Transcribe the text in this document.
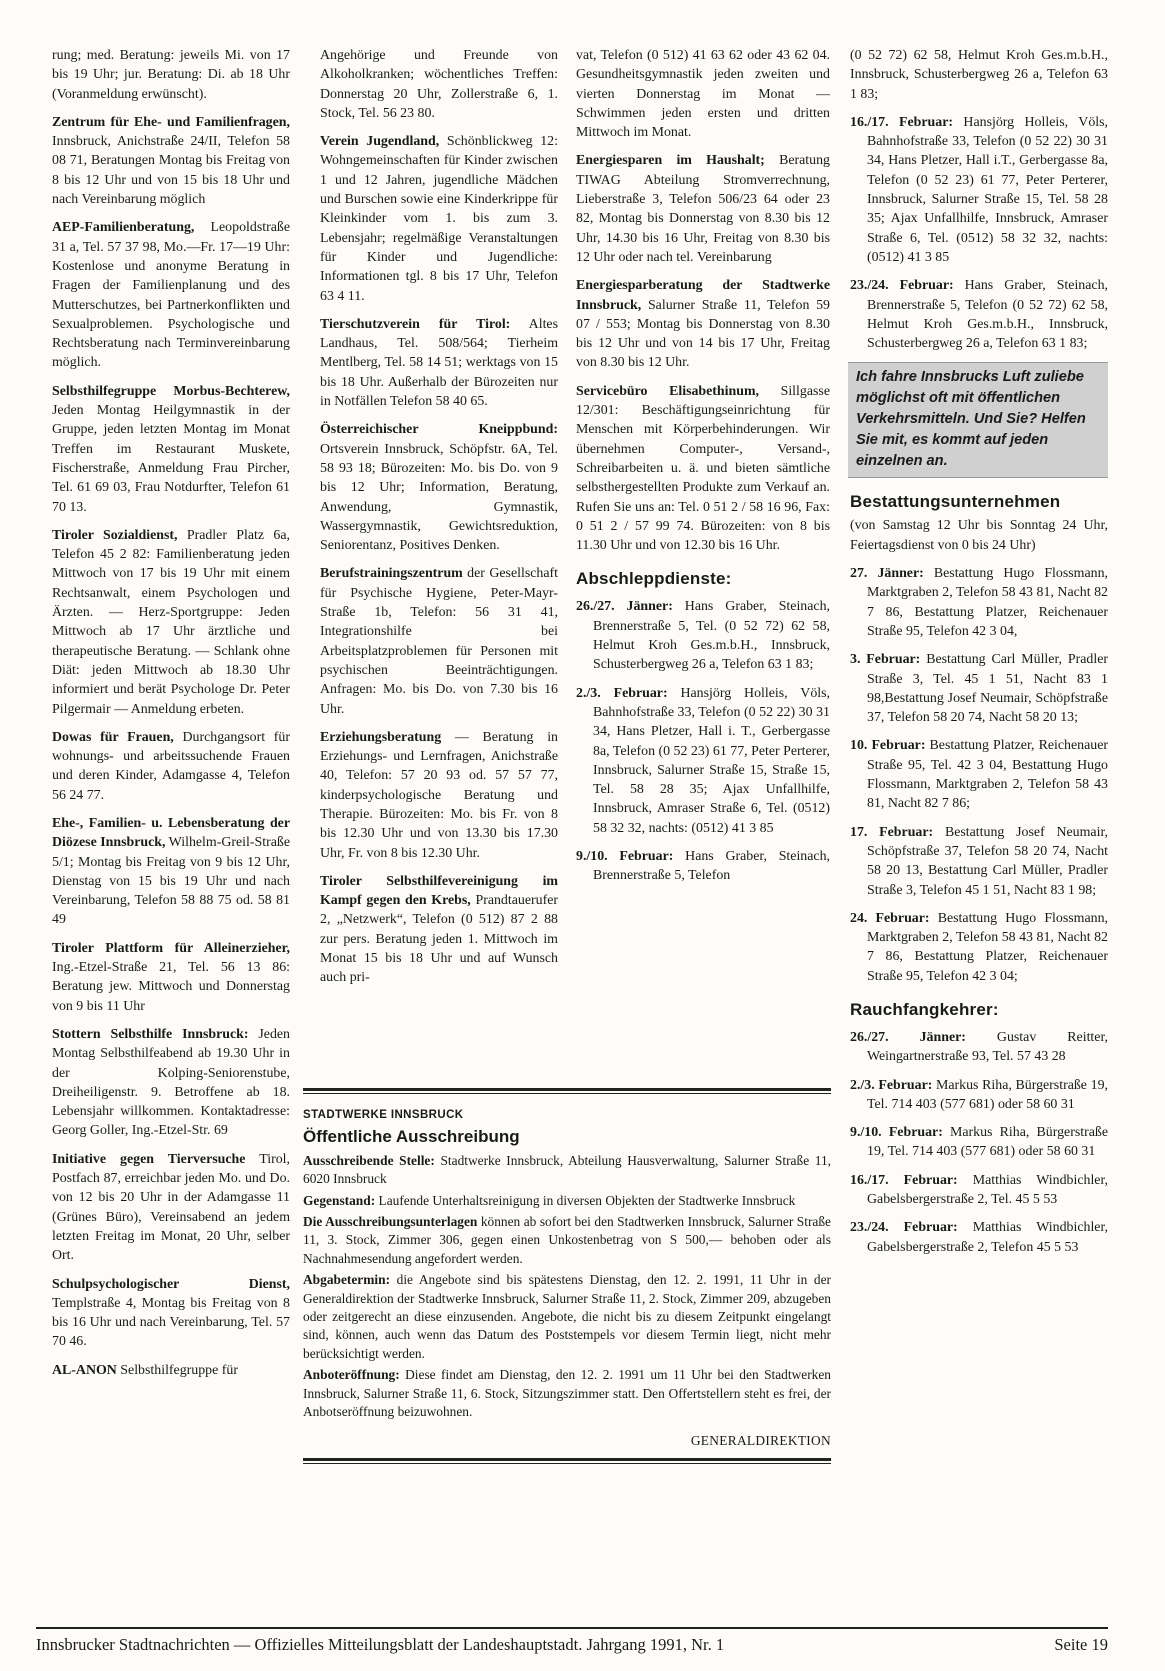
rung; med. Beratung: jeweils Mi. von 17 bis 19 Uhr; jur. Beratung: Di. ab 18 Uhr (Voranmeldung erwünscht).
Zentrum für Ehe- und Familienfragen, Innsbruck, Anichstraße 24/II, Telefon 58 08 71, Beratungen Montag bis Freitag von 8 bis 12 Uhr und von 15 bis 18 Uhr und nach Vereinbarung möglich
AEP-Familienberatung, Leopoldstraße 31 a, Tel. 57 37 98, Mo.—Fr. 17—19 Uhr: Kostenlose und anonyme Beratung in Fragen der Familienplanung und des Mutterschutzes, bei Partnerkonflikten und Sexualproblemen. Psychologische und Rechtsberatung nach Terminvereinbarung möglich.
Selbsthilfegruppe Morbus-Bechterew, Jeden Montag Heilgymnastik in der Gruppe, jeden letzten Montag im Monat Treffen im Restaurant Muskete, Fischerstraße, Anmeldung Frau Pircher, Tel. 61 69 03, Frau Notdurfter, Telefon 61 70 13.
Tiroler Sozialdienst, Pradler Platz 6a, Telefon 45 2 82: Familienberatung jeden Mittwoch von 17 bis 19 Uhr mit einem Rechtsanwalt, einem Psychologen und Ärzten. — Herz-Sportgruppe: Jeden Mittwoch ab 17 Uhr ärztliche und therapeutische Beratung. — Schlank ohne Diät: jeden Mittwoch ab 18.30 Uhr informiert und berät Psychologe Dr. Peter Pilgermair — Anmeldung erbeten.
Dowas für Frauen, Durchgangsort für wohnungs- und arbeitssuchende Frauen und deren Kinder, Adamgasse 4, Telefon 56 24 77.
Ehe-, Familien- u. Lebensberatung der Diözese Innsbruck, Wilhelm-Greil-Straße 5/1; Montag bis Freitag von 9 bis 12 Uhr, Dienstag von 15 bis 19 Uhr und nach Vereinbarung, Telefon 58 88 75 od. 58 81 49
Tiroler Plattform für Alleinerzieher, Ing.-Etzel-Straße 21, Tel. 56 13 86: Beratung jew. Mittwoch und Donnerstag von 9 bis 11 Uhr
Stottern Selbsthilfe Innsbruck: Jeden Montag Selbsthilfeabend ab 19.30 Uhr in der Kolping-Seniorenstube, Dreiheiligenstr. 9. Betroffene ab 18. Lebensjahr willkommen. Kontaktadresse: Georg Goller, Ing.-Etzel-Str. 69
Initiative gegen Tierversuche Tirol, Postfach 87, erreichbar jeden Mo. und Do. von 12 bis 20 Uhr in der Adamgasse 11 (Grünes Büro), Vereinsabend an jedem letzten Freitag im Monat, 20 Uhr, selber Ort.
Schulpsychologischer Dienst, Templstraße 4, Montag bis Freitag von 8 bis 16 Uhr und nach Vereinbarung, Tel. 57 70 46.
AL-ANON Selbsthilfegruppe für
Angehörige und Freunde von Alkoholkranken; wöchentliches Treffen: Donnerstag 20 Uhr, Zollerstraße 6, 1. Stock, Tel. 56 23 80.
Verein Jugendland, Schönblickweg 12: Wohngemeinschaften für Kinder zwischen 1 und 12 Jahren, jugendliche Mädchen und Burschen sowie eine Kinderkrippe für Kleinkinder vom 1. bis zum 3. Lebensjahr; regelmäßige Veranstaltungen für Kinder und Jugendliche: Informationen tgl. 8 bis 17 Uhr, Telefon 63 4 11.
Tierschutzverein für Tirol: Altes Landhaus, Tel. 508/564; Tierheim Mentlberg, Tel. 58 14 51; werktags von 15 bis 18 Uhr. Außerhalb der Bürozeiten nur in Notfällen Telefon 58 40 65.
Österreichischer Kneippbund: Ortsverein Innsbruck, Schöpfstr. 6A, Tel. 58 93 18; Bürozeiten: Mo. bis Do. von 9 bis 12 Uhr; Information, Beratung, Anwendung, Gymnastik, Wassergymnastik, Gewichtsreduktion, Seniorentanz, Positives Denken.
Berufstrainingszentrum der Gesellschaft für Psychische Hygiene, Peter-Mayr-Straße 1b, Telefon: 56 31 41, Integrationshilfe bei Arbeitsplatzproblemen für Personen mit psychischen Beeinträchtigungen. Anfragen: Mo. bis Do. von 7.30 bis 16 Uhr.
Erziehungsberatung — Beratung in Erziehungs- und Lernfragen, Anichstraße 40, Telefon: 57 20 93 od. 57 57 77, kinderpsychologische Beratung und Therapie. Bürozeiten: Mo. bis Fr. von 8 bis 12.30 Uhr und von 13.30 bis 17.30 Uhr, Fr. von 8 bis 12.30 Uhr.
Tiroler Selbsthilfevereinigung im Kampf gegen den Krebs, Prandtauerufer 2, „Netzwerk“, Telefon (0 512) 87 2 88 zur pers. Beratung jeden 1. Mittwoch im Monat 15 bis 18 Uhr und auf Wunsch auch pri-
vat, Telefon (0 512) 41 63 62 oder 43 62 04. Gesundheitsgymnastik jeden zweiten und vierten Donnerstag im Monat — Schwimmen jeden ersten und dritten Mittwoch im Monat.
Energiesparen im Haushalt; Beratung TIWAG Abteilung Stromverrechnung, Lieberstraße 3, Telefon 506/23 64 oder 23 82, Montag bis Donnerstag von 8.30 bis 12 Uhr, 14.30 bis 16 Uhr, Freitag von 8.30 bis 12 Uhr oder nach tel. Vereinbarung
Energiesparberatung der Stadtwerke Innsbruck, Salurner Straße 11, Telefon 59 07 / 553; Montag bis Donnerstag von 8.30 bis 12 Uhr und von 14 bis 17 Uhr, Freitag von 8.30 bis 12 Uhr.
Servicebüro Elisabethinum, Sillgasse 12/301: Beschäftigungseinrichtung für Menschen mit Körperbehinderungen. Wir übernehmen Computer-, Versand-, Schreibarbeiten u. ä. und bieten sämtliche selbsthergestellten Produkte zum Verkauf an. Rufen Sie uns an: Tel. 0 51 2 / 58 16 96, Fax: 0 51 2 / 57 99 74. Bürozeiten: von 8 bis 11.30 Uhr und von 12.30 bis 16 Uhr.
Abschleppdienste:
26./27. Jänner: Hans Graber, Steinach, Brennerstraße 5, Tel. (0 52 72) 62 58, Helmut Kroh Ges.m.b.H., Innsbruck, Schusterbergweg 26 a, Telefon 63 1 83;
2./3. Februar: Hansjörg Holleis, Völs, Bahnhofstraße 33, Telefon (0 52 22) 30 31 34, Hans Pletzer, Hall i. T., Gerbergasse 8a, Telefon (0 52 23) 61 77, Peter Perterer, Innsbruck, Salurner Straße 15, Straße 15, Tel. 58 28 35; Ajax Unfallhilfe, Innsbruck, Amraser Straße 6, Tel. (0512) 58 32 32, nachts: (0512) 41 3 85
9./10. Februar: Hans Graber, Steinach, Brennerstraße 5, Telefon
(0 52 72) 62 58, Helmut Kroh Ges.m.b.H., Innsbruck, Schusterbergweg 26 a, Telefon 63 1 83;
16./17. Februar: Hansjörg Holleis, Völs, Bahnhofstraße 33, Telefon (0 52 22) 30 31 34, Hans Pletzer, Hall i.T., Gerbergasse 8a, Telefon (0 52 23) 61 77, Peter Perterer, Innsbruck, Salurner Straße 15, Tel. 58 28 35; Ajax Unfallhilfe, Innsbruck, Amraser Straße 6, Tel. (0512) 58 32 32, nachts: (0512) 41 3 85
23./24. Februar: Hans Graber, Steinach, Brennerstraße 5, Telefon (0 52 72) 62 58, Helmut Kroh Ges.m.b.H., Innsbruck, Schusterbergweg 26 a, Telefon 63 1 83;
Ich fahre Innsbrucks Luft zuliebe möglichst oft mit öffentlichen Verkehrsmitteln. Und Sie? Helfen Sie mit, es kommt auf jeden einzelnen an.
Bestattungsunternehmen
(von Samstag 12 Uhr bis Sonntag 24 Uhr, Feiertagsdienst von 0 bis 24 Uhr)
27. Jänner: Bestattung Hugo Flossmann, Marktgraben 2, Telefon 58 43 81, Nacht 82 7 86, Bestattung Platzer, Reichenauer Straße 95, Telefon 42 3 04,
3. Februar: Bestattung Carl Müller, Pradler Straße 3, Tel. 45 1 51, Nacht 83 1 98,Bestattung Josef Neumair, Schöpfstraße 37, Telefon 58 20 74, Nacht 58 20 13;
10. Februar: Bestattung Platzer, Reichenauer Straße 95, Tel. 42 3 04, Bestattung Hugo Flossmann, Marktgraben 2, Telefon 58 43 81, Nacht 82 7 86;
17. Februar: Bestattung Josef Neumair, Schöpfstraße 37, Telefon 58 20 74, Nacht 58 20 13, Bestattung Carl Müller, Pradler Straße 3, Telefon 45 1 51, Nacht 83 1 98;
24. Februar: Bestattung Hugo Flossmann, Marktgraben 2, Telefon 58 43 81, Nacht 82 7 86, Bestattung Platzer, Reichenauer Straße 95, Telefon 42 3 04;
Rauchfangkehrer:
26./27. Jänner: Gustav Reitter, Weingartnerstraße 93, Tel. 57 43 28
2./3. Februar: Markus Riha, Bürgerstraße 19, Tel. 714 403 (577 681) oder 58 60 31
9./10. Februar: Markus Riha, Bürgerstraße 19, Tel. 714 403 (577 681) oder 58 60 31
16./17. Februar: Matthias Windbichler, Gabelsbergerstraße 2, Tel. 45 5 53
23./24. Februar: Matthias Windbichler, Gabelsbergerstraße 2, Telefon 45 5 53
STADTWERKE INNSBRUCK
Öffentliche Ausschreibung

Ausschreibende Stelle: Stadtwerke Innsbruck, Abteilung Hausverwaltung, Salurner Straße 11, 6020 Innsbruck

Gegenstand: Laufende Unterhaltsreinigung in diversen Objekten der Stadtwerke Innsbruck

Die Ausschreibungsunterlagen können ab sofort bei den Stadtwerken Innsbruck, Salurner Straße 11, 3. Stock, Zimmer 306, gegen einen Unkostenbetrag von S 500,— behoben oder als Nachnahmesendung angefordert werden.

Abgabetermin: die Angebote sind bis spätestens Dienstag, den 12. 2. 1991, 11 Uhr in der Generaldirektion der Stadtwerke Innsbruck, Salurner Straße 11, 2. Stock, Zimmer 209, abzugeben oder zeitgerecht an diese einzusenden. Angebote, die nicht bis zu diesem Zeitpunkt eingelangt sind, können, auch wenn das Datum des Poststempels vor diesem Termin liegt, nicht mehr berücksichtigt werden.

Anboteröffnung: Diese findet am Dienstag, den 12. 2. 1991 um 11 Uhr bei den Stadtwerken Innsbruck, Salurner Straße 11, 6. Stock, Sitzungszimmer statt. Den Offertstellern steht es frei, der Anbotseröffnung beizuwohnen.

GENERALDIREKTION

Innsbrucker Stadtnachrichten — Offizielles Mitteilungsblatt der Landeshauptstadt. Jahrgang 1991, Nr. 1	Seite 19
